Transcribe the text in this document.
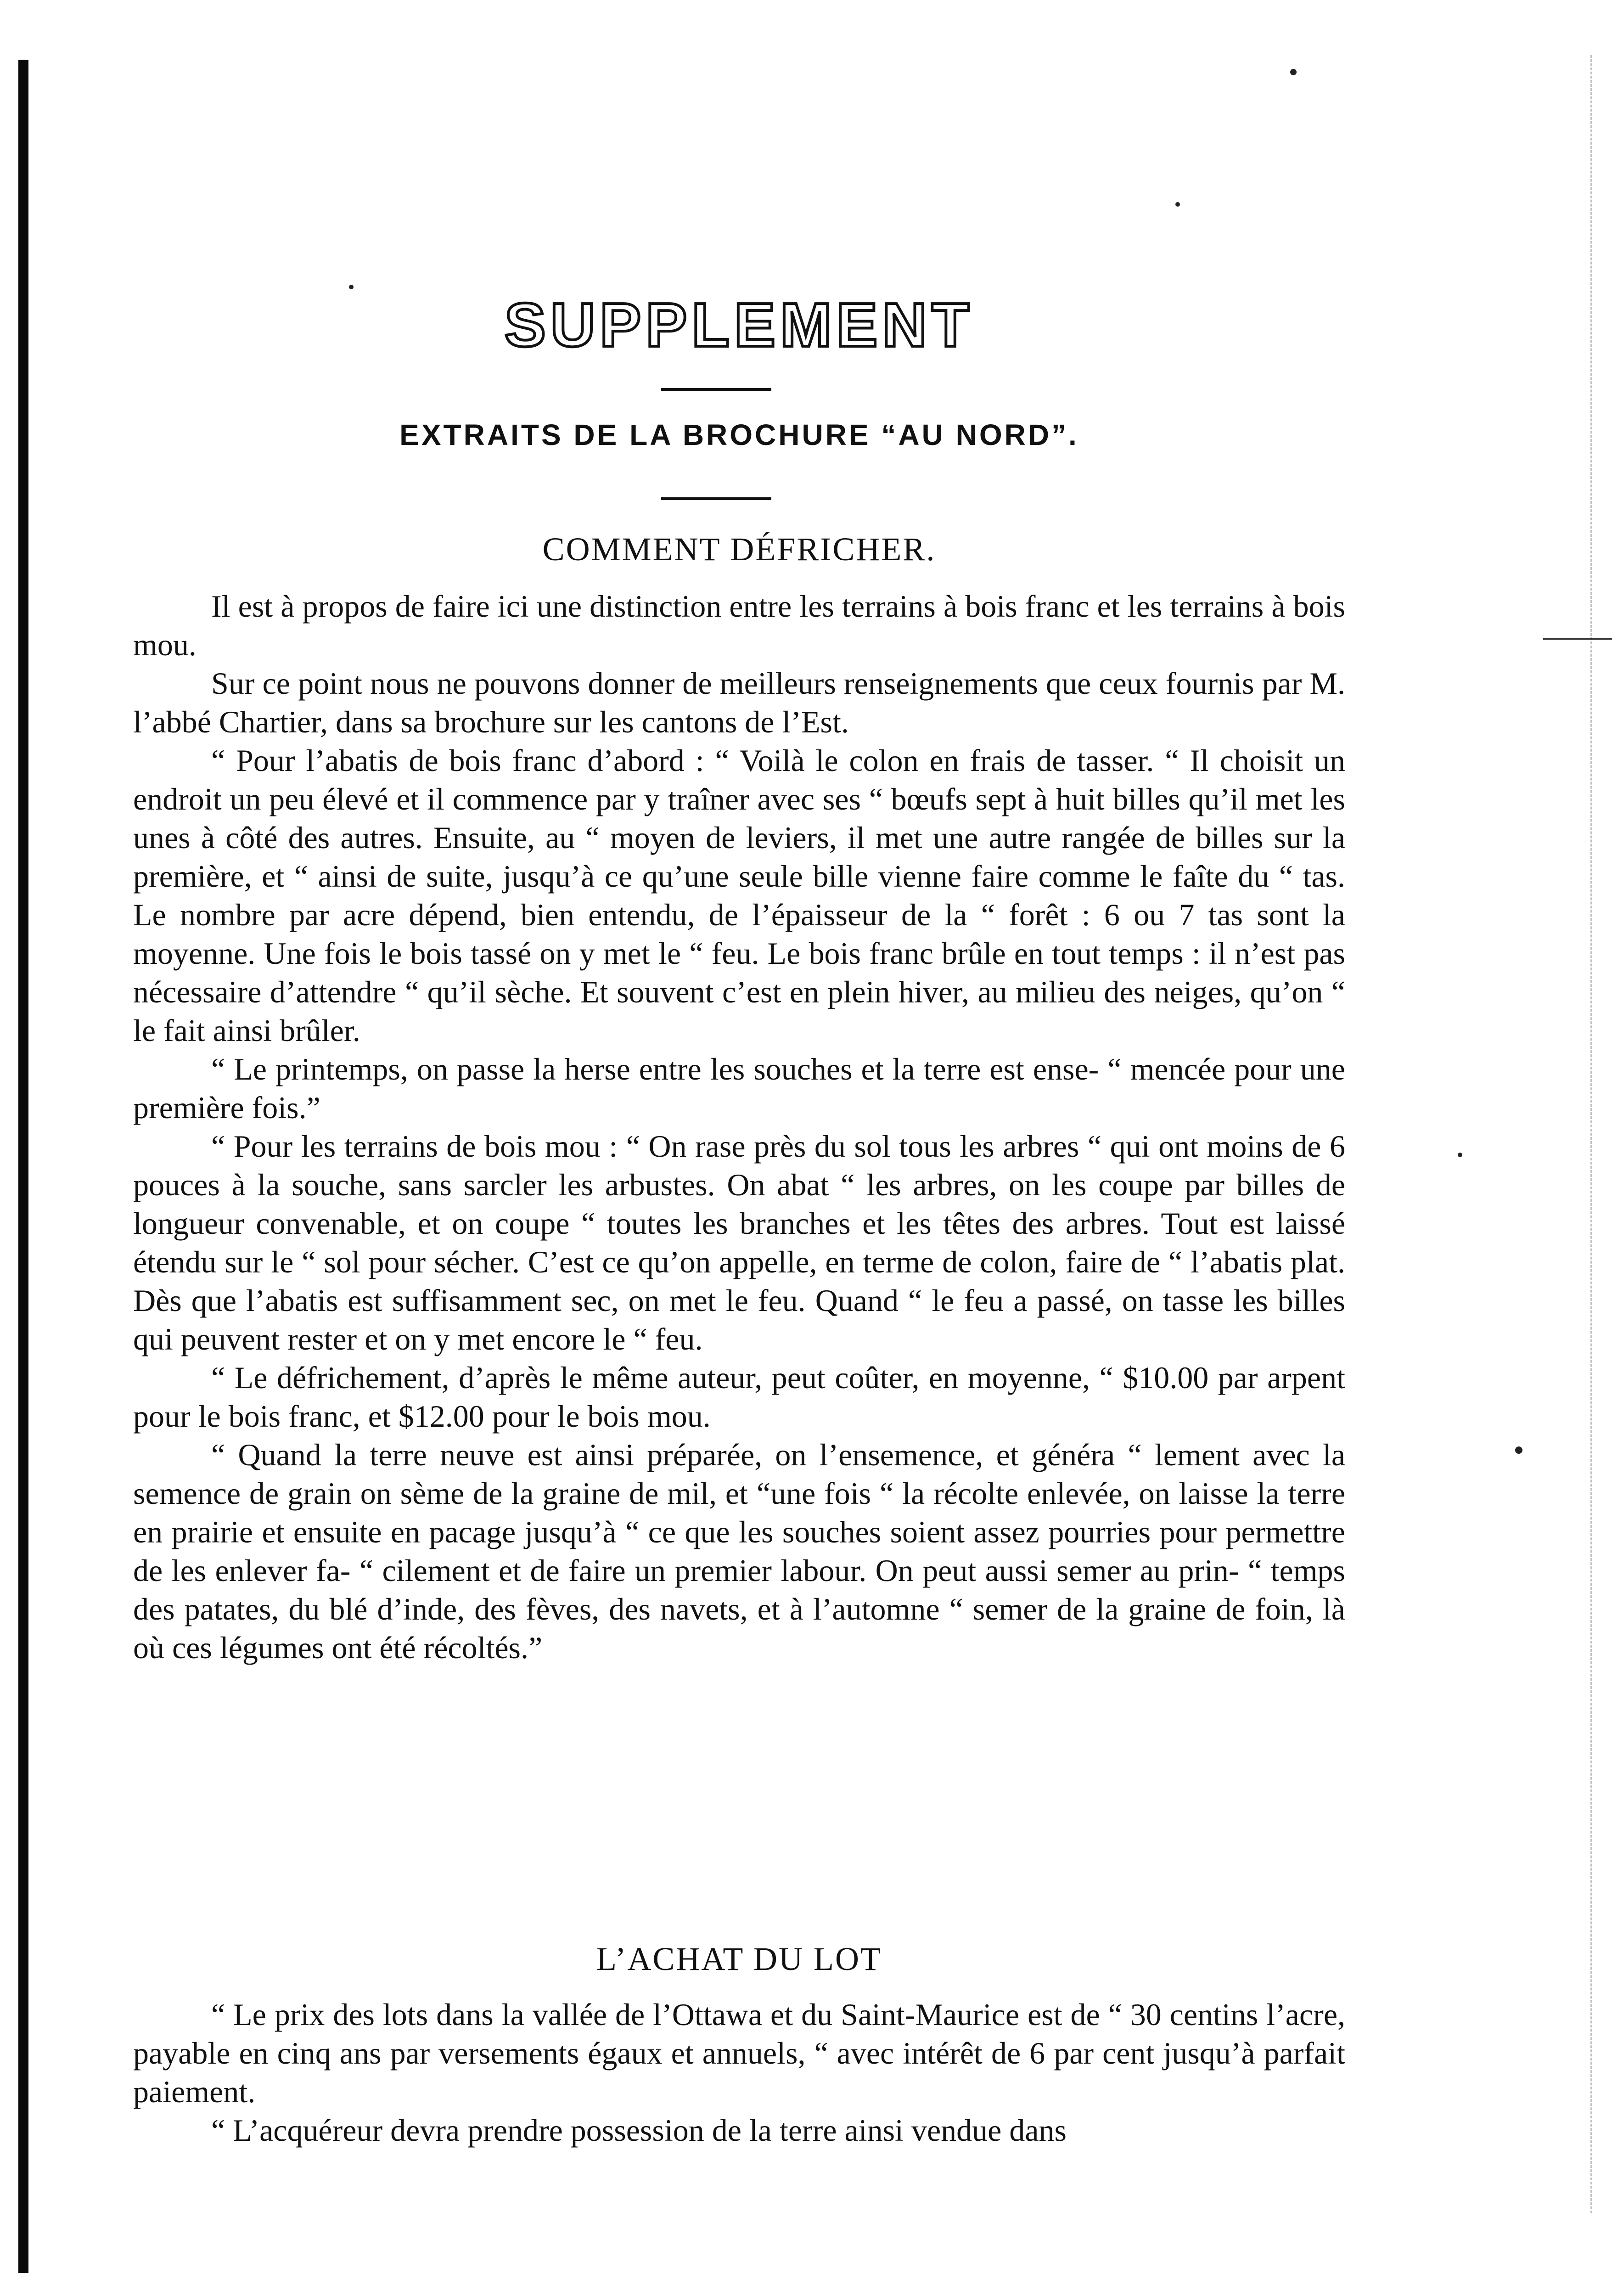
SUPPLEMENT
EXTRAITS DE LA BROCHURE “AU NORD”.
COMMENT DÉFRICHER.

Il est à propos de faire ici une distinction entre les terrains à bois franc et les terrains à bois mou.

Sur ce point nous ne pouvons donner de meilleurs renseignements que ceux fournis par M. l’abbé Chartier, dans sa brochure sur les cantons de l’Est.

“ Pour l’abatis de bois franc d’abord : “ Voilà le colon en frais de tasser. “ Il choisit un endroit un peu élevé et il commence par y traîner avec ses “ bœufs sept à huit billes qu’il met les unes à côté des autres. Ensuite, au “ moyen de leviers, il met une autre rangée de billes sur la première, et “ ainsi de suite, jusqu’à ce qu’une seule bille vienne faire comme le faîte du “ tas. Le nombre par acre dépend, bien entendu, de l’épaisseur de la “ forêt : 6 ou 7 tas sont la moyenne. Une fois le bois tassé on y met le “ feu. Le bois franc brûle en tout temps : il n’est pas nécessaire d’attendre “ qu’il sèche. Et souvent c’est en plein hiver, au milieu des neiges, qu’on “ le fait ainsi brûler.

“ Le printemps, on passe la herse entre les souches et la terre est ense- “ mencée pour une première fois.”

“ Pour les terrains de bois mou : “ On rase près du sol tous les arbres “ qui ont moins de 6 pouces à la souche, sans sarcler les arbustes. On abat “ les arbres, on les coupe par billes de longueur convenable, et on coupe “ toutes les branches et les têtes des arbres. Tout est laissé étendu sur le “ sol pour sécher. C’est ce qu’on appelle, en terme de colon, faire de “ l’abatis plat. Dès que l’abatis est suffisamment sec, on met le feu. Quand “ le feu a passé, on tasse les billes qui peuvent rester et on y met encore le “ feu.

“ Le défrichement, d’après le même auteur, peut coûter, en moyenne, “ $10.00 par arpent pour le bois franc, et $12.00 pour le bois mou.

“ Quand la terre neuve est ainsi préparée, on l’ensemence, et généra “ lement avec la semence de grain on sème de la graine de mil, et “une fois “ la récolte enlevée, on laisse la terre en prairie et ensuite en pacage jusqu’à “ ce que les souches soient assez pourries pour permettre de les enlever fa- “ cilement et de faire un premier labour. On peut aussi semer au prin- “ temps des patates, du blé d’inde, des fèves, des navets, et à l’automne “ semer de la graine de foin, là où ces légumes ont été récoltés.”

L’ACHAT DU LOT

“ Le prix des lots dans la vallée de l’Ottawa et du Saint-Maurice est de “ 30 centins l’acre, payable en cinq ans par versements égaux et annuels, “ avec intérêt de 6 par cent jusqu’à parfait paiement.

“ L’acquéreur devra prendre possession de la terre ainsi vendue dans
